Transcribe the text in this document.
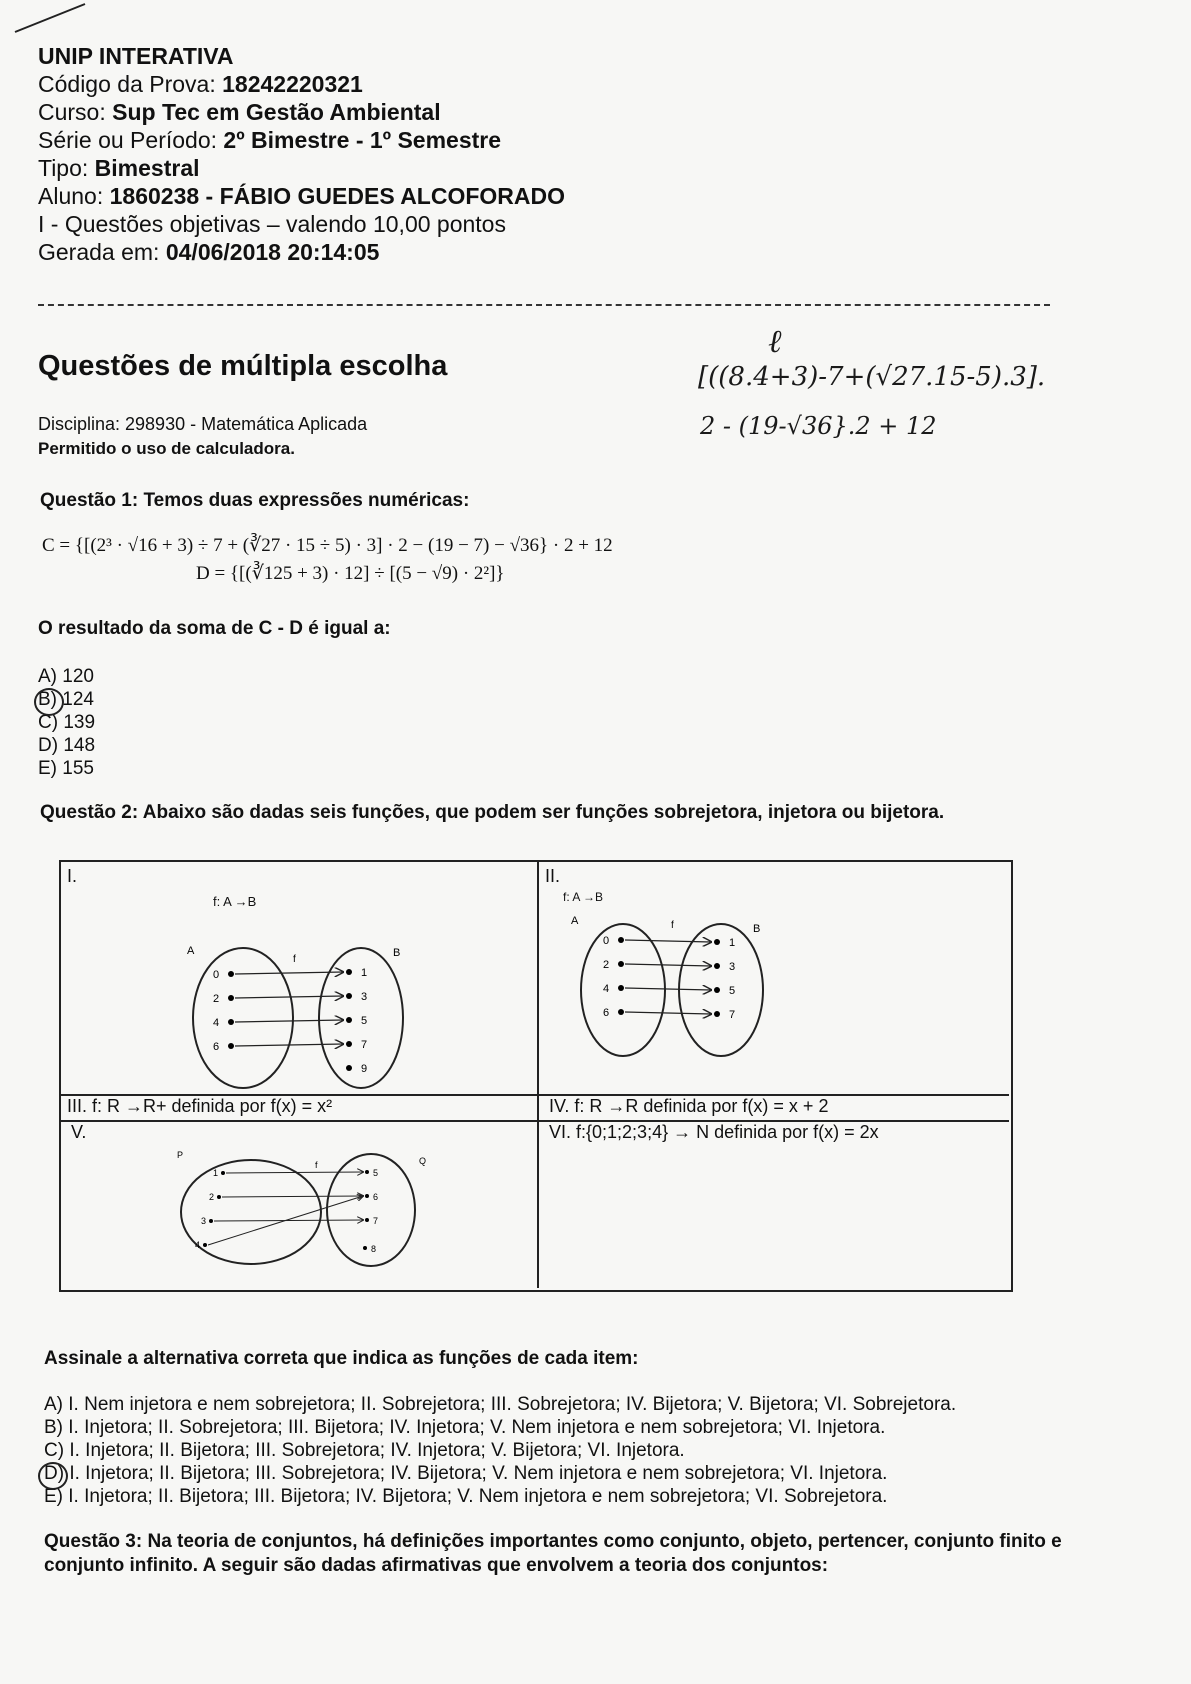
UNIP INTERATIVA
Código da Prova: 18242220321
Curso: Sup Tec em Gestão Ambiental
Série ou Período: 2º Bimestre - 1º Semestre
Tipo: Bimestral
Aluno: 1860238 - FÁBIO GUEDES ALCOFORADO
I - Questões objetivas – valendo 10,00 pontos
Gerada em: 04/06/2018 20:14:05
Questões de múltipla escolha
Disciplina: 298930 - Matemática Aplicada
Permitido o uso de calculadora.
ℓ
[((8.4+3)-7+(√27.15-5).3].
2 - (19-√36}.2 + 12
Questão 1: Temos duas expressões numéricas:
C = {[(2³ · √16 + 3) ÷ 7 + (∛27 · 15 ÷ 5) · 3] · 2 − (19 − 7) − √36} · 2 + 12
D = {[(∛125 + 3) · 12] ÷ [(5 − √9) · 2²]}
O resultado da soma de C - D é igual a:
A) 120
B) 124
C) 139
D) 148
E) 155
Questão 2: Abaixo são dadas seis funções, que podem ser funções sobrejetora, injetora ou bijetora.
I.
f: A →B
A	B
f
0
2
4
6
1
3
5
7
9
II.
f: A →B
A
B
f
0
2
4
6
1
3
5
7
III. f: R →R+ definida por f(x) = x²	IV. f: R →R definida por f(x) = x + 2
V.
P
Q
f
1
2
3
4
5
6
7
8
VI. f:{0;1;2;3;4} → N definida por f(x) = 2x
Assinale a alternativa correta que indica as funções de cada item:
A) I. Nem injetora e nem sobrejetora; II. Sobrejetora; III. Sobrejetora; IV. Bijetora; V. Bijetora; VI. Sobrejetora.
B) I. Injetora; II. Sobrejetora; III. Bijetora; IV. Injetora; V. Nem injetora e nem sobrejetora; VI. Injetora.
C) I. Injetora; II. Bijetora; III. Sobrejetora; IV. Injetora; V. Bijetora; VI. Injetora.
D) I. Injetora; II. Bijetora; III. Sobrejetora; IV. Bijetora; V. Nem injetora e nem sobrejetora; VI. Injetora.
E) I. Injetora; II. Bijetora; III. Bijetora; IV. Bijetora; V. Nem injetora e nem sobrejetora; VI. Sobrejetora.
Questão 3: Na teoria de conjuntos, há definições importantes como conjunto, objeto, pertencer, conjunto finito e conjunto infinito. A seguir são dadas afirmativas que envolvem a teoria dos conjuntos:
